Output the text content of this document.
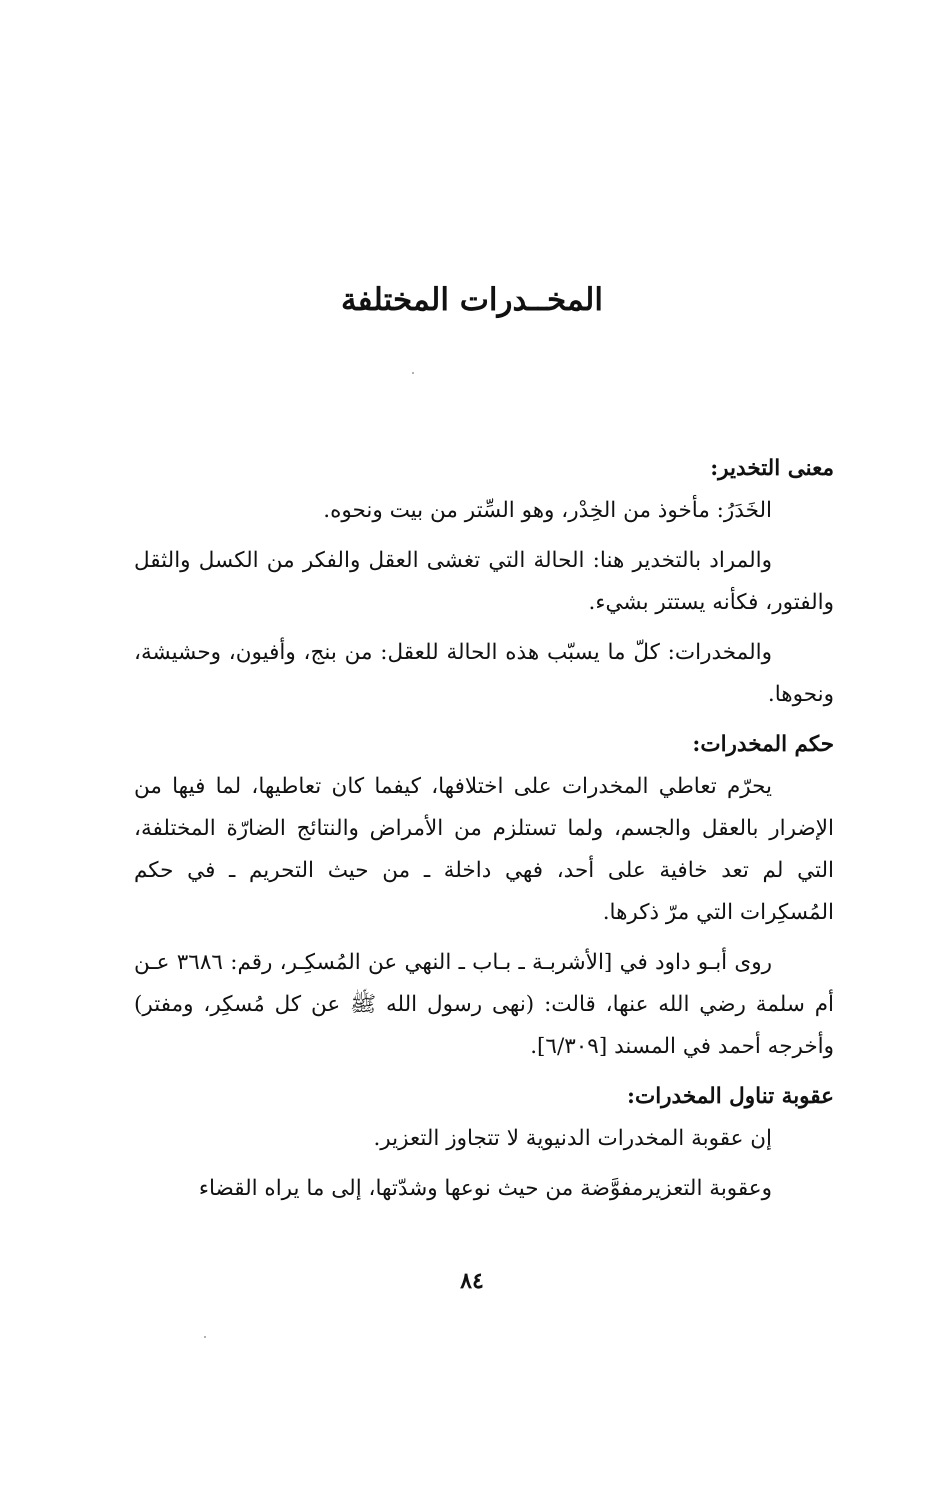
المخــدرات المختلفة

معنى التخدير:

الخَدَرُ: مأخوذ من الخِدْر، وهو السِّتر من بيت ونحوه.

والمراد بالتخدير هنا: الحالة التي تغشى العقل والفكر من الكسل والثقل والفتور، فكأنه يستتر بشيء.

والمخدرات: كلّ ما يسبّب هذه الحالة للعقل: من بنج، وأفيون، وحشيشة، ونحوها.

حكم المخدرات:

يحرّم تعاطي المخدرات على اختلافها، كيفما كان تعاطيها، لما فيها من الإضرار بالعقل والجسم، ولما تستلزم من الأمراض والنتائج الضارّة المختلفة، التي لم تعد خافية على أحد، فهي داخلة ـ من حيث التحريم ـ في حكم المُسكِرات التي مرّ ذكرها.

روى أبـو داود في [الأشربـة ـ بـاب ـ النهي عن المُسكِـر، رقم: ٣٦٨٦ عـن أم سلمة رضي الله عنها، قالت: (نهى رسول الله ﷺ عن كل مُسكِر، ومفتر) وأخرجه أحمد في المسند [٦/٣٠٩].

عقوبة تناول المخدرات:

إن عقوبة المخدرات الدنيوية لا تتجاوز التعزير.

وعقوبة التعزيرمفوَّضة من حيث نوعها وشدّتها، إلى ما يراه القضاء

٨٤
